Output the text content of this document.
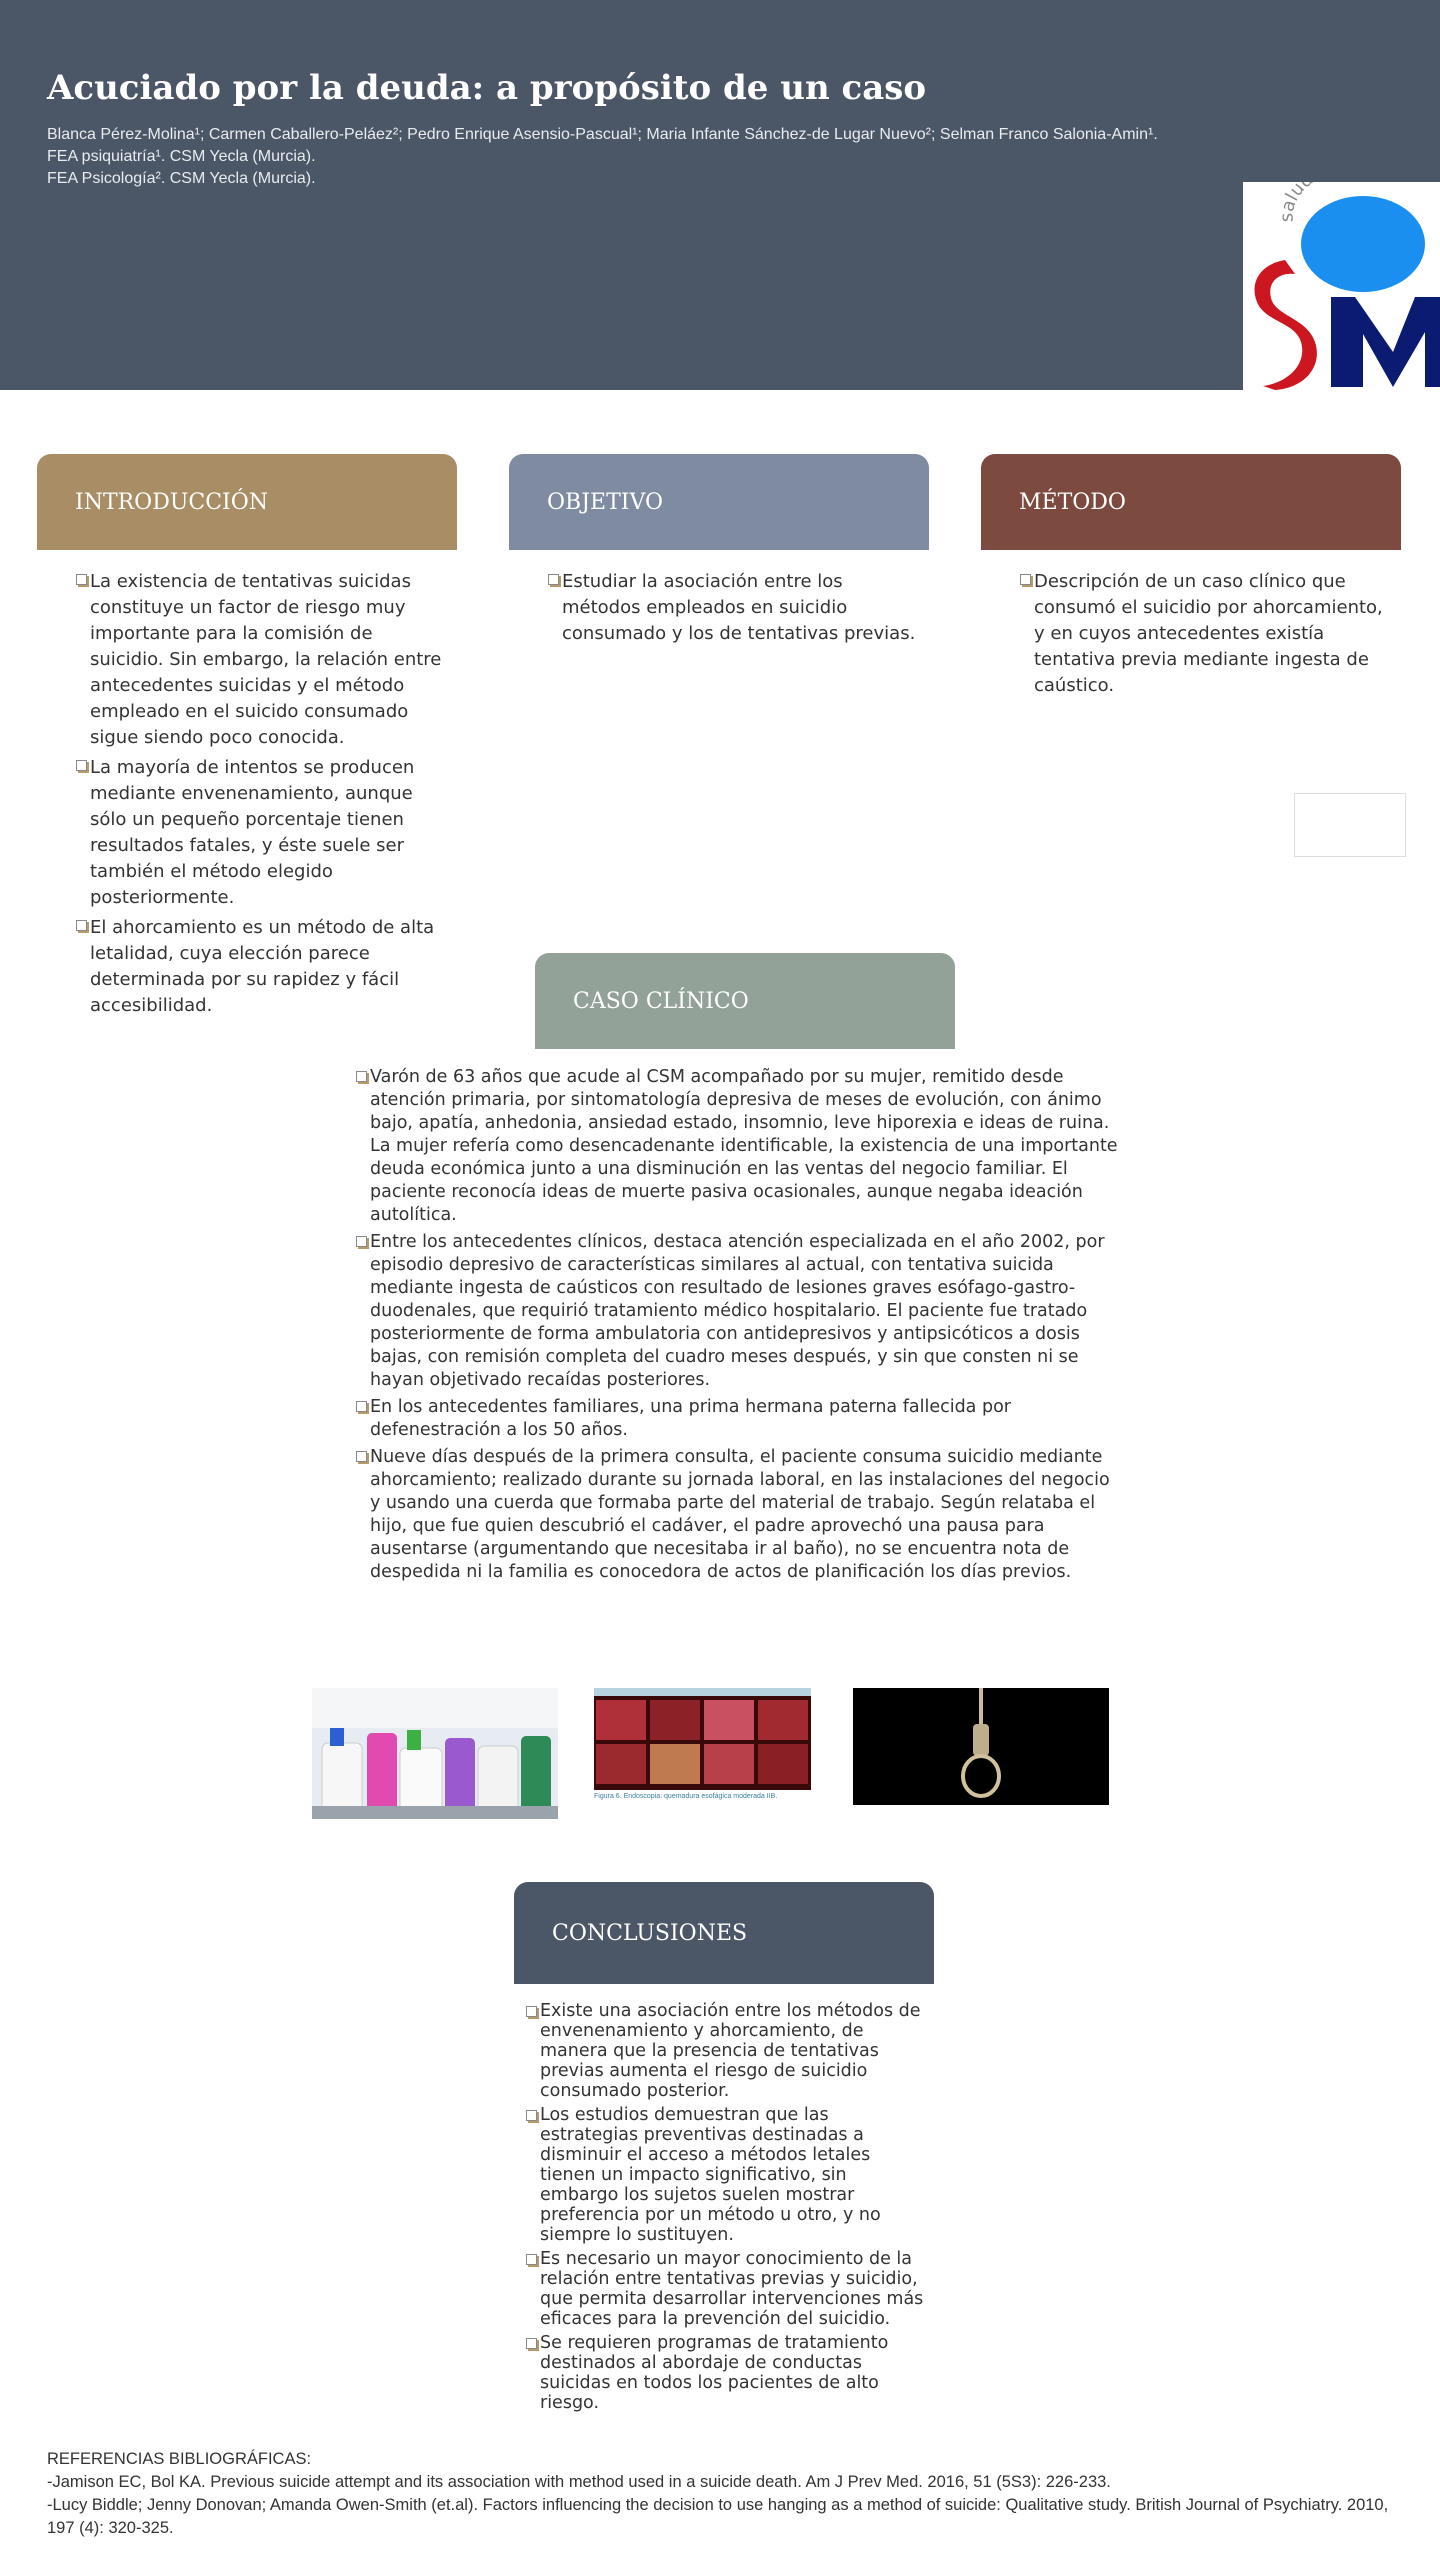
Acuciado por la deuda: a propósito de un caso
Blanca Pérez-Molina¹; Carmen Caballero-Peláez²; Pedro Enrique Asensio-Pascual¹; Maria Infante Sánchez-de Lugar Nuevo²; Selman Franco Salonia-Amin¹.
FEA psiquiatría¹. CSM Yecla (Murcia).
FEA Psicología². CSM Yecla (Murcia).
salu
INTRODUCCIÓN
La existencia de tentativas suicidas constituye un factor de riesgo muy importante para la comisión de suicidio. Sin embargo, la relación entre antecedentes suicidas y el método empleado en el suicido consumado sigue siendo poco conocida.
La mayoría de intentos se producen mediante envenenamiento, aunque sólo un pequeño porcentaje tienen resultados fatales, y éste suele ser también el método elegido posteriormente.
El ahorcamiento es un método de alta letalidad, cuya elección parece determinada por su rapidez y fácil accesibilidad.
OBJETIVO
Estudiar la asociación entre los métodos empleados en suicidio consumado y los de tentativas previas.
MÉTODO
Descripción de un caso clínico que consumó el suicidio por ahorcamiento, y en cuyos antecedentes existía tentativa previa mediante ingesta de caústico.
CASO CLÍNICO
Varón de 63 años que acude al CSM acompañado por su mujer, remitido desde atención primaria, por sintomatología depresiva de meses de evolución, con ánimo bajo, apatía, anhedonia, ansiedad estado, insomnio, leve hiporexia e ideas de ruina. La mujer refería como desencadenante identificable, la existencia de una importante deuda económica junto a una disminución en las ventas del negocio familiar. El paciente reconocía ideas de muerte pasiva ocasionales, aunque negaba ideación autolítica.
Entre los antecedentes clínicos, destaca atención especializada en el año 2002, por episodio depresivo de características similares al actual, con tentativa suicida mediante ingesta de caústicos con resultado de lesiones graves esófago-gastro-duodenales, que requirió tratamiento médico hospitalario. El paciente fue tratado posteriormente de forma ambulatoria con antidepresivos y antipsicóticos a dosis bajas, con remisión completa del cuadro meses después, y sin que consten ni se hayan objetivado recaídas posteriores.
En los antecedentes familiares, una prima hermana paterna fallecida por defenestración a los 50 años.
Nueve días después de la primera consulta, el paciente consuma suicidio mediante ahorcamiento; realizado durante su jornada laboral, en las instalaciones del negocio y usando una cuerda que formaba parte del material de trabajo. Según relataba el hijo, que fue quien descubrió el cadáver, el padre aprovechó una pausa para ausentarse (argumentando que necesitaba ir al baño), no se encuentra nota de despedida ni la familia es conocedora de actos de planificación los días previos.
Figura 6. Endoscopia: quemadura esofágica moderada IIB.
CONCLUSIONES
Existe una asociación entre los métodos de envenenamiento y ahorcamiento, de manera que la presencia de tentativas previas aumenta el riesgo de suicidio consumado posterior.
Los estudios demuestran que las estrategias preventivas destinadas a disminuir el acceso a métodos letales tienen un impacto significativo, sin embargo los sujetos suelen mostrar preferencia por un método u otro, y no siempre lo sustituyen.
Es necesario un mayor conocimiento de la relación entre tentativas previas y suicidio, que permita desarrollar intervenciones más eficaces para la prevención del suicidio.
Se requieren programas de tratamiento destinados al abordaje de conductas suicidas en todos los pacientes de alto riesgo.
REFERENCIAS BIBLIOGRÁFICAS:
-Jamison EC, Bol KA. Previous suicide attempt and its association with method used in a suicide death. Am J Prev Med. 2016, 51 (5S3): 226-233.
-Lucy Biddle; Jenny Donovan; Amanda Owen-Smith (et.al). Factors influencing the decision to use hanging as a method of suicide: Qualitative study. British Journal of Psychiatry. 2010, 197 (4): 320-325.
